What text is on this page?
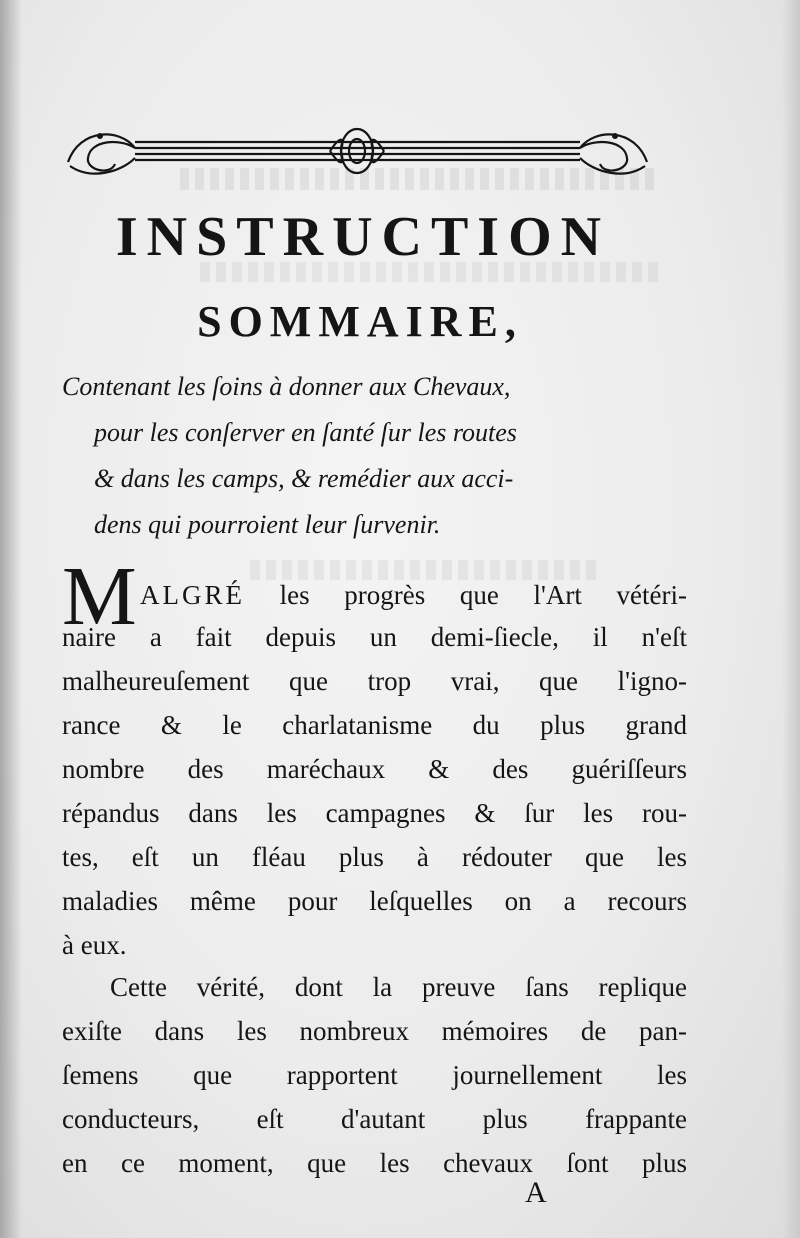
INSTRUCTION
SOMMAIRE,
Contenant les ſoins à donner aux Chevaux,
pour les conſerver en ſanté ſur les routes
& dans les camps, & remédier aux acci-
dens qui pourroient leur ſurvenir.
M ALGRÉ les progrès que l'Art vétéri-
naire a fait depuis un demi-ſiecle, il n'eſt
malheureuſement que trop vrai, que l'igno-
rance & le charlatanisme du plus grand
nombre des maréchaux & des guériſſeurs
répandus dans les campagnes & ſur les rou-
tes, eſt un fléau plus à rédouter que les
maladies même pour leſquelles on a recours
à eux.
Cette vérité, dont la preuve ſans replique
exiſte dans les nombreux mémoires de pan-
ſemens que rapportent journellement les
conducteurs, eſt d'autant plus frappante
en ce moment, que les chevaux ſont plus
A
